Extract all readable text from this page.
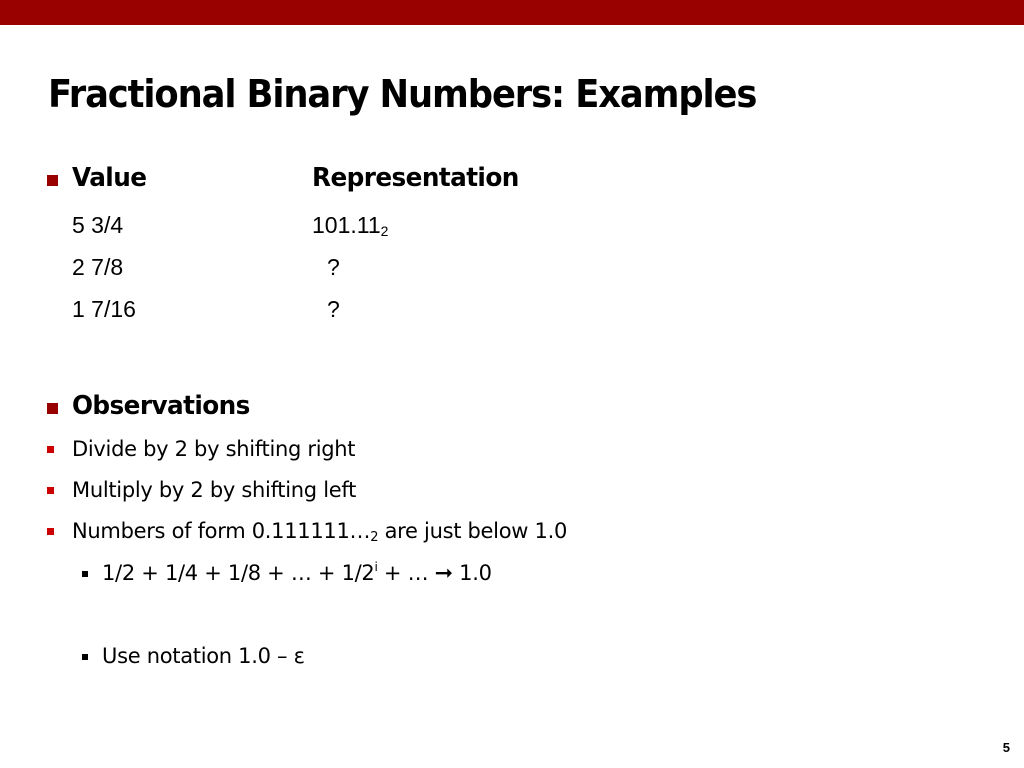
Fractional Binary Numbers: Examples
Value	Representation
5 3/4	$101.11_2$
2 7/8	?
1 7/16	?
Observations
Divide by 2 by shifting right
Multiply by 2 by shifting left
Numbers of form $0.111111\dots_2$ are just below 1.0
1/2 + 1/4 + 1/8 + … + $1/2^i$ + … ➞ 1.0
Use notation 1.0 – ε
5
